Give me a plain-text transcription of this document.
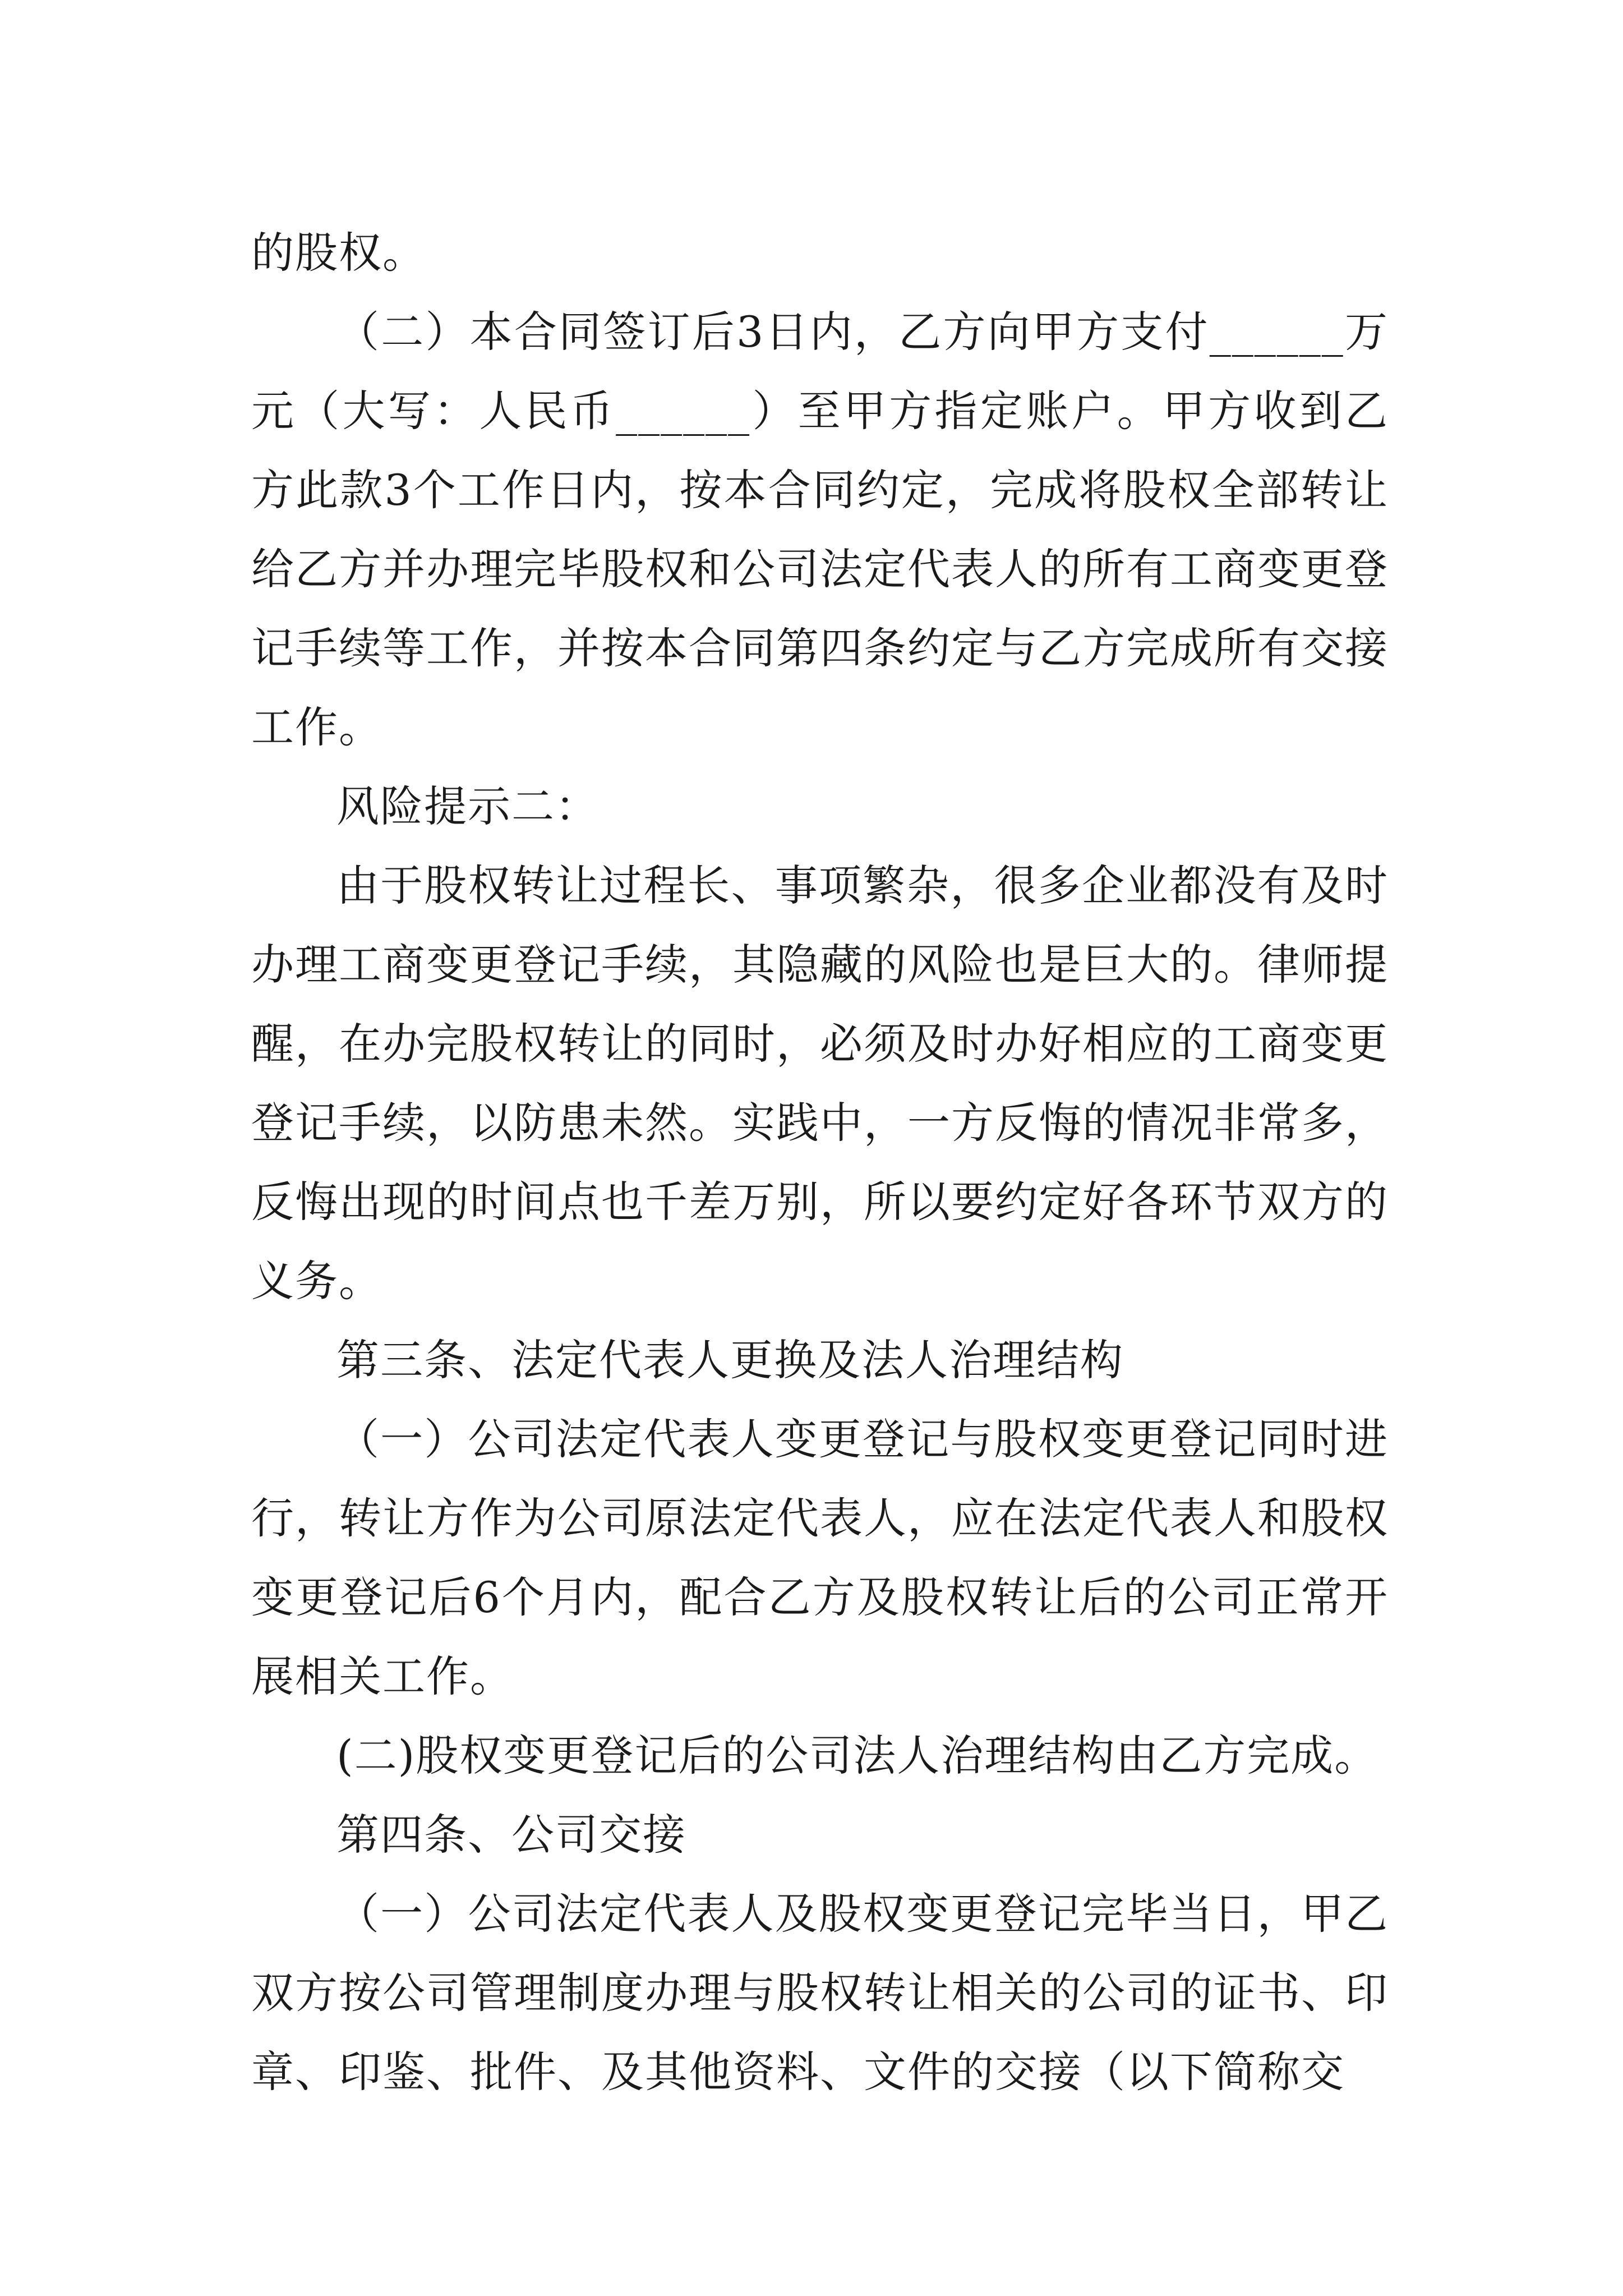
的股权。

（二）本合同签订后3日内，乙方向甲方支付______万元（大写：人民币______）至甲方指定账户。甲方收到乙方此款3个工作日内，按本合同约定，完成将股权全部转让给乙方并办理完毕股权和公司法定代表人的所有工商变更登记手续等工作，并按本合同第四条约定与乙方完成所有交接工作。

风险提示二：

由于股权转让过程长、事项繁杂，很多企业都没有及时办理工商变更登记手续，其隐藏的风险也是巨大的。律师提醒，在办完股权转让的同时，必须及时办好相应的工商变更登记手续，以防患未然。实践中，一方反悔的情况非常多，反悔出现的时间点也千差万别，所以要约定好各环节双方的义务。

第三条、法定代表人更换及法人治理结构

（一）公司法定代表人变更登记与股权变更登记同时进行，转让方作为公司原法定代表人，应在法定代表人和股权变更登记后6个月内，配合乙方及股权转让后的公司正常开展相关工作。

(二)股权变更登记后的公司法人治理结构由乙方完成。

第四条、公司交接

（一）公司法定代表人及股权变更登记完毕当日，甲乙双方按公司管理制度办理与股权转让相关的公司的证书、印章、印鉴、批件、及其他资料、文件的交接（以下简称交
